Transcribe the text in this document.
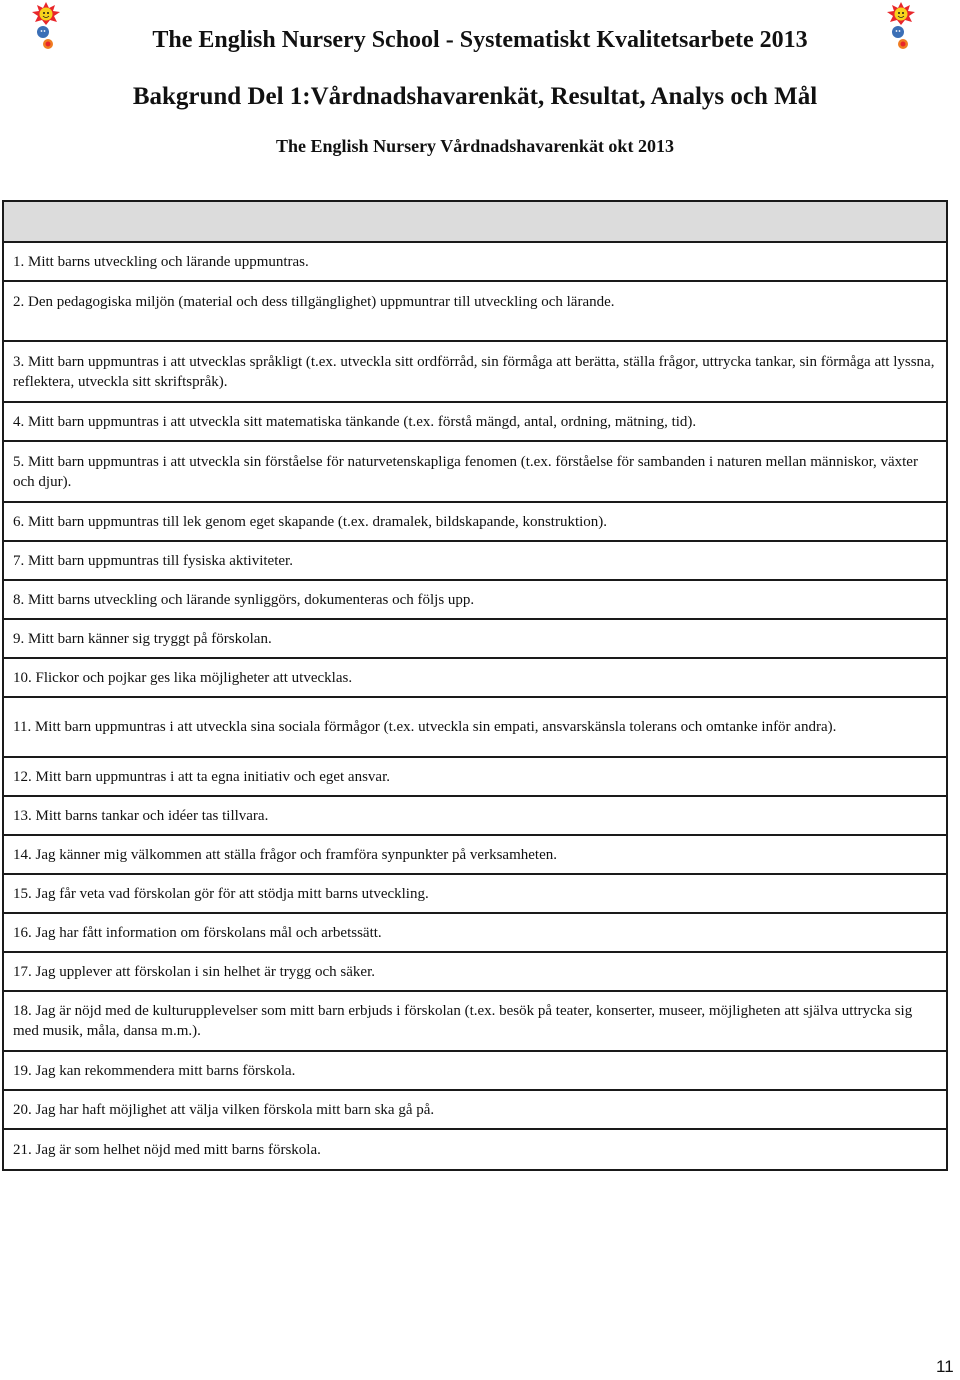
The English Nursery School - Systematiskt Kvalitetsarbete 2013
Bakgrund Del 1:Vårdnadshavarenkät, Resultat, Analys och Mål
The English Nursery Vårdnadshavarenkät okt 2013
1. Mitt barns utveckling och lärande uppmuntras.
2. Den pedagogiska miljön (material och dess tillgänglighet) uppmuntrar till utveckling och lärande.
3. Mitt barn uppmuntras i att utvecklas språkligt (t.ex. utveckla sitt ordförråd, sin förmåga att berätta, ställa frågor, uttrycka tankar, sin förmåga att lyssna, reflektera, utveckla sitt skriftspråk).
4. Mitt barn uppmuntras i att utveckla sitt matematiska tänkande (t.ex. förstå mängd, antal, ordning, mätning, tid).
5. Mitt barn uppmuntras i att utveckla sin förståelse för naturvetenskapliga fenomen (t.ex. förståelse för sambanden i naturen mellan människor, växter och djur).
6. Mitt barn uppmuntras till lek genom eget skapande (t.ex. dramalek, bildskapande, konstruktion).
7. Mitt barn uppmuntras till fysiska aktiviteter.
8. Mitt barns utveckling och lärande synliggörs, dokumenteras och följs upp.
9. Mitt barn känner sig tryggt på förskolan.
10. Flickor och pojkar ges lika möjligheter att utvecklas.
11. Mitt barn uppmuntras i att utveckla sina sociala förmågor (t.ex. utveckla sin empati, ansvarskänsla tolerans och omtanke inför andra).
12. Mitt barn uppmuntras i att ta egna initiativ och eget ansvar.
13. Mitt barns tankar och idéer tas tillvara.
14. Jag känner mig välkommen att ställa frågor och framföra synpunkter på verksamheten.
15. Jag får veta vad förskolan gör för att stödja mitt barns utveckling.
16. Jag har fått information om förskolans mål och arbetssätt.
17. Jag upplever att förskolan i sin helhet är trygg och säker.
18. Jag är nöjd med de kulturupplevelser som mitt barn erbjuds i förskolan (t.ex. besök på teater, konserter, museer, möjligheten att själva uttrycka sig med musik, måla, dansa m.m.).
19. Jag kan rekommendera mitt barns förskola.
20. Jag har haft möjlighet att välja vilken förskola mitt barn ska gå på.
21. Jag är som helhet nöjd med mitt barns förskola.
11
